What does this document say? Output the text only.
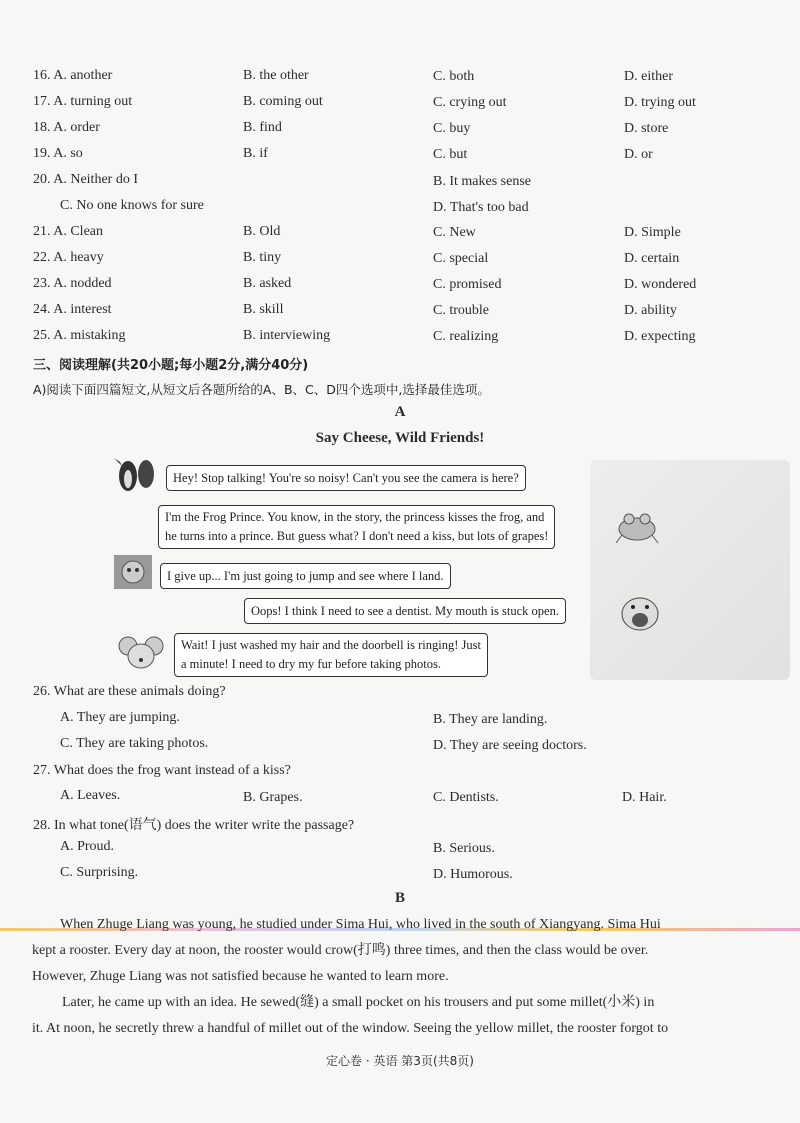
16. A. another	B. the other	C. both	D. either
17. A. turning out	B. coming out	C. crying out	D. trying out
18. A. order	B. find	C. buy	D. store
19. A. so	B. if	C. but	D. or
20. A. Neither do I	B. It makes sense
C. No one knows for sure	D. That's too bad
21. A. Clean	B. Old	C. New	D. Simple
22. A. heavy	B. tiny	C. special	D. certain
23. A. nodded	B. asked	C. promised	D. wondered
24. A. interest	B. skill	C. trouble	D. ability
25. A. mistaking	B. interviewing	C. realizing	D. expecting
三、阅读理解(共20小题;每小题2分,满分40分)
A)阅读下面四篇短文,从短文后各题所给的A、B、C、D四个选项中,选择最佳选项。
A
Say Cheese, Wild Friends!
Hey! Stop talking! You're so noisy! Can't you see the camera is here?
I'm the Frog Prince. You know, in the story, the princess kisses the frog, and
he turns into a prince. But guess what? I don't need a kiss, but lots of grapes!
I give up... I'm just going to jump and see where I land.
Oops! I think I need to see a dentist. My mouth is stuck open.
Wait! I just washed my hair and the doorbell is ringing! Just
a minute! I need to dry my fur before taking photos.
26. What are these animals doing?
A. They are jumping.	B. They are landing.
C. They are taking photos.	D. They are seeing doctors.
27. What does the frog want instead of a kiss?
A. Leaves.	B. Grapes.	C. Dentists.	D. Hair.
28. In what tone(语气) does the writer write the passage?
A. Proud.	B. Serious.
C. Surprising.	D. Humorous.
B
When Zhuge Liang was young, he studied under Sima Hui, who lived in the south of Xiangyang. Sima Hui
kept a rooster. Every day at noon, the rooster would crow(打鸣) three times, and then the class would be over.
However, Zhuge Liang was not satisfied because he wanted to learn more.
Later, he came up with an idea. He sewed(缝) a small pocket on his trousers and put some millet(小米) in
it. At noon, he secretly threw a handful of millet out of the window. Seeing the yellow millet, the rooster forgot to
定心卷 · 英语 第3页(共8页)
